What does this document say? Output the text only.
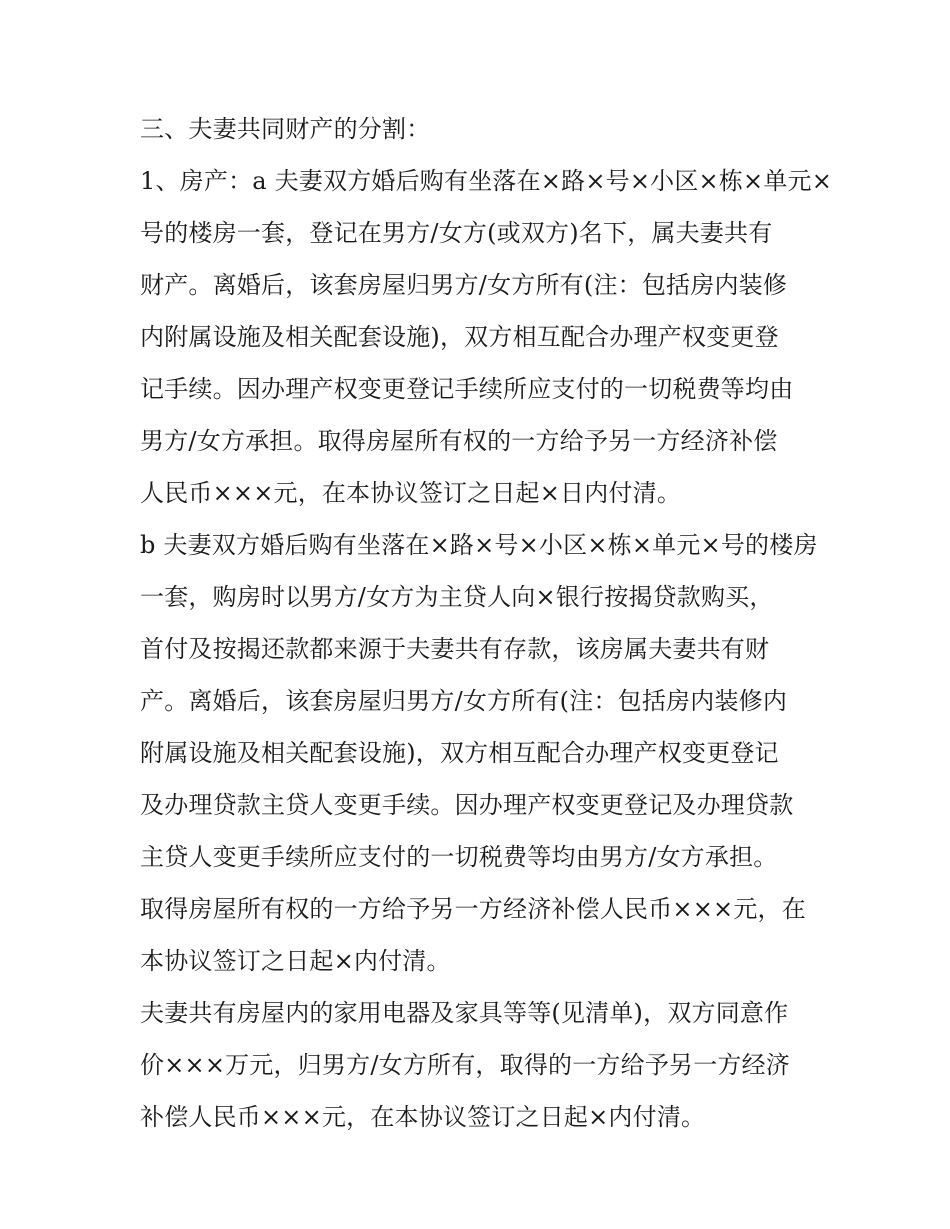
三、夫妻共同财产的分割：
1、房产：a 夫妻双方婚后购有坐落在×路×号×小区×栋×单元×
号的楼房一套，登记在男方/女方(或双方)名下，属夫妻共有
财产。离婚后，该套房屋归男方/女方所有(注：包括房内装修
内附属设施及相关配套设施)，双方相互配合办理产权变更登
记手续。因办理产权变更登记手续所应支付的一切税费等均由
男方/女方承担。取得房屋所有权的一方给予另一方经济补偿
人民币×××元，在本协议签订之日起×日内付清。
b 夫妻双方婚后购有坐落在×路×号×小区×栋×单元×号的楼房
一套，购房时以男方/女方为主贷人向×银行按揭贷款购买，
首付及按揭还款都来源于夫妻共有存款，该房属夫妻共有财
产。离婚后，该套房屋归男方/女方所有(注：包括房内装修内
附属设施及相关配套设施)，双方相互配合办理产权变更登记
及办理贷款主贷人变更手续。因办理产权变更登记及办理贷款
主贷人变更手续所应支付的一切税费等均由男方/女方承担。
取得房屋所有权的一方给予另一方经济补偿人民币×××元，在
本协议签订之日起×内付清。
夫妻共有房屋内的家用电器及家具等等(见清单)，双方同意作
价×××万元，归男方/女方所有，取得的一方给予另一方经济
补偿人民币×××元，在本协议签订之日起×内付清。
